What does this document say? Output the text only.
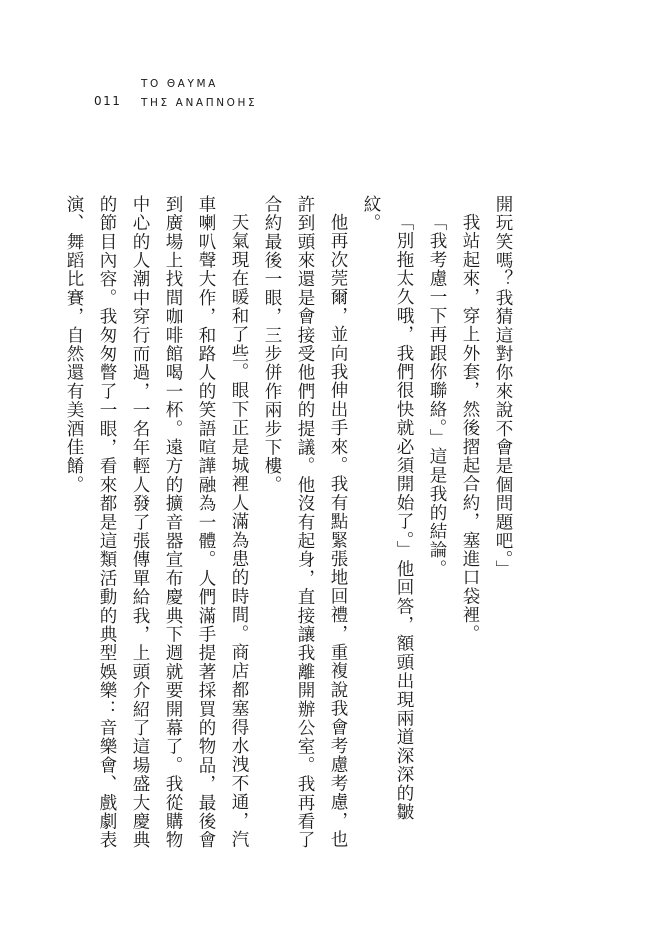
011
ΤΟ ΘΑΥΜΑ
ΤΗΣ ΑΝΑΠΝΟΗΣ

開玩笑嗎？我猜這對你來說不會是個問題吧。」

我站起來，穿上外套，然後摺起合約，塞進口袋裡。

「我考慮一下再跟你聯絡。」這是我的結論。

「別拖太久哦，我們很快就必須開始了。」他回答，額頭出現兩道深深的皺紋。

他再次莞爾，並向我伸出手來。我有點緊張地回禮，重複說我會考慮考慮，也許到頭來還是會接受他們的提議。他沒有起身，直接讓我離開辦公室。我再看了合約最後一眼，三步併作兩步下樓。

天氣現在暖和了些。眼下正是城裡人滿為患的時間。商店都塞得水洩不通，汽車喇叭聲大作，和路人的笑語喧譁融為一體。人們滿手提著採買的物品，最後會到廣場上找間咖啡館喝一杯。遠方的擴音器宣布慶典下週就要開幕了。我從購物中心的人潮中穿行而過，一名年輕人發了張傳單給我，上頭介紹了這場盛大慶典的節目內容。我匆匆瞥了一眼，看來都是這類活動的典型娛樂：音樂會、戲劇表演、舞蹈比賽，自然還有美酒佳餚。
